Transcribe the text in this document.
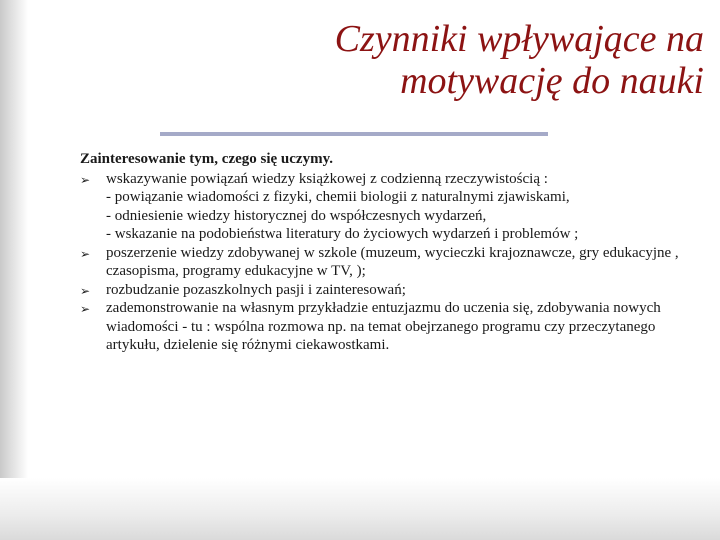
Czynniki wpływające na
motywację do nauki

Zainteresowanie tym, czego się uczymy.

➢ wskazywanie powiązań wiedzy książkowej z codzienną rzeczywistością :
- powiązanie wiadomości z fizyki, chemii biologii z naturalnymi zjawiskami,
- odniesienie wiedzy historycznej do współczesnych wydarzeń,
- wskazanie na podobieństwa literatury do życiowych wydarzeń i problemów ;
➢ poszerzenie wiedzy zdobywanej w szkole (muzeum, wycieczki krajoznawcze, gry edukacyjne , czasopisma, programy edukacyjne w TV, );
➢ rozbudzanie pozaszkolnych pasji i zainteresowań;
➢ zademonstrowanie na własnym przykładzie entuzjazmu do uczenia się, zdobywania nowych wiadomości - tu : wspólna rozmowa np. na temat obejrzanego programu czy przeczytanego artykułu, dzielenie się różnymi ciekawostkami.
